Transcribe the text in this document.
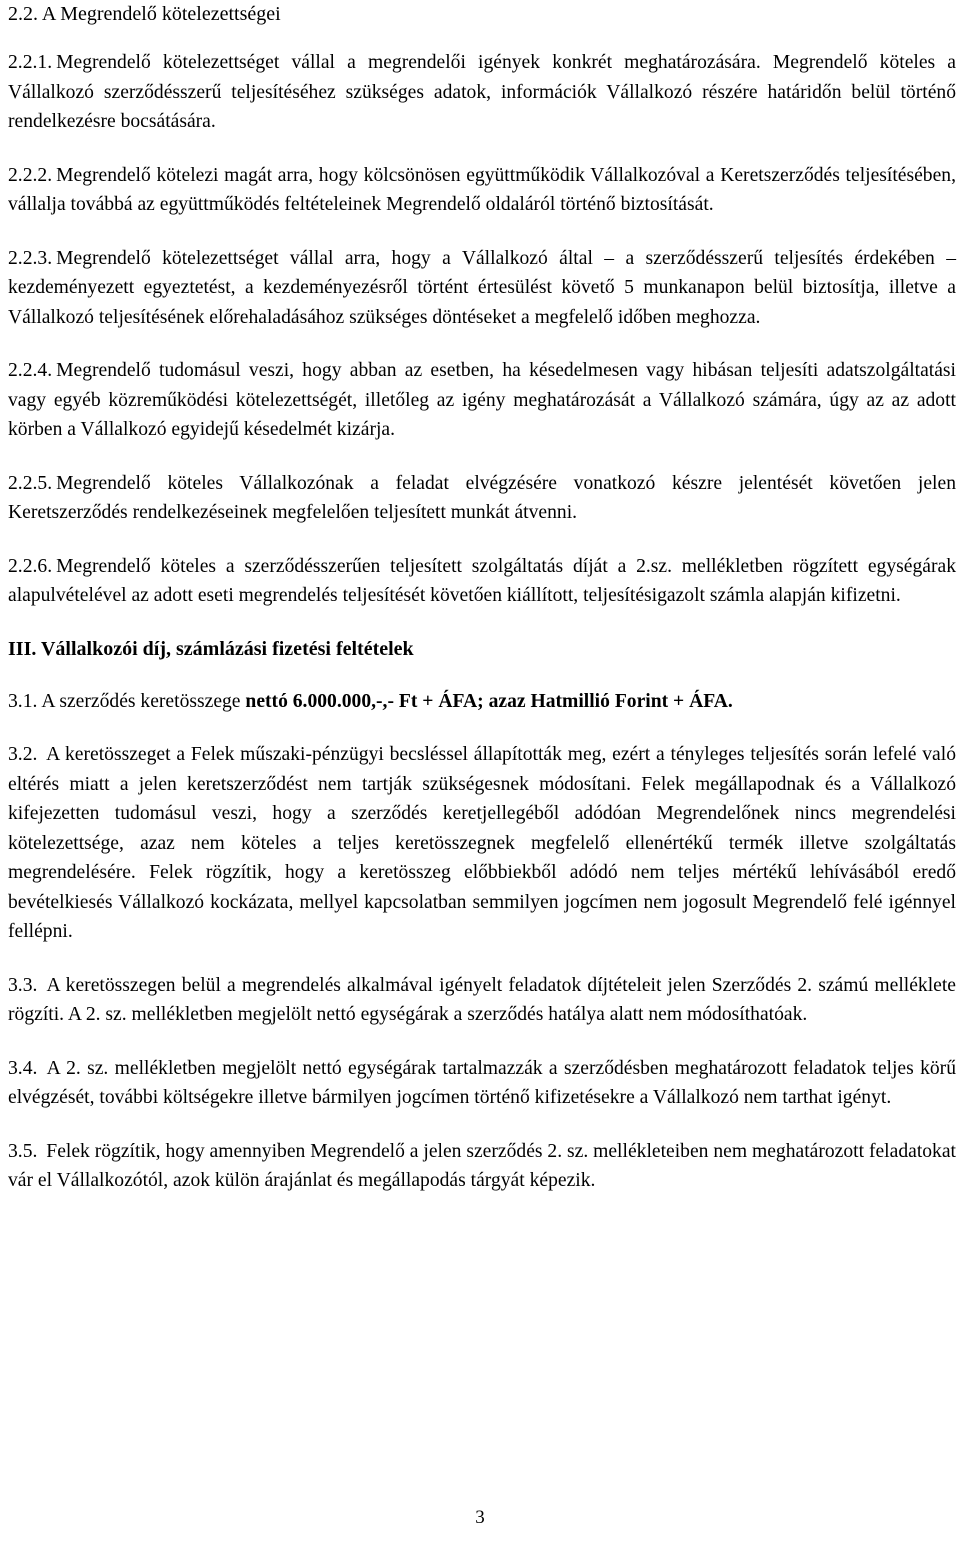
2.2. A Megrendelő kötelezettségei

2.2.1. Megrendelő kötelezettséget vállal a megrendelői igények konkrét meghatározására. Megrendelő köteles a Vállalkozó szerződésszerű teljesítéséhez szükséges adatok, információk Vállalkozó részére határidőn belül történő rendelkezésre bocsátására.

2.2.2. Megrendelő kötelezi magát arra, hogy kölcsönösen együttműködik Vállalkozóval a Keretszerződés teljesítésében, vállalja továbbá az együttműködés feltételeinek Megrendelő oldaláról történő biztosítását.

2.2.3. Megrendelő kötelezettséget vállal arra, hogy a Vállalkozó által – a szerződésszerű teljesítés érdekében – kezdeményezett egyeztetést, a kezdeményezésről történt értesülést követő 5 munkanapon belül biztosítja, illetve a Vállalkozó teljesítésének előrehaladásához szükséges döntéseket a megfelelő időben meghozza.

2.2.4. Megrendelő tudomásul veszi, hogy abban az esetben, ha késedelmesen vagy hibásan teljesíti adatszolgáltatási vagy egyéb közreműködési kötelezettségét, illetőleg az igény meghatározását a Vállalkozó számára, úgy az az adott körben a Vállalkozó egyidejű késedelmét kizárja.

2.2.5. Megrendelő köteles Vállalkozónak a feladat elvégzésére vonatkozó készre jelentését követően jelen Keretszerződés rendelkezéseinek megfelelően teljesített munkát átvenni.

2.2.6. Megrendelő köteles a szerződésszerűen teljesített szolgáltatás díját a 2.sz. mellékletben rögzített egységárak alapulvételével az adott eseti megrendelés teljesítését követően kiállított, teljesítésigazolt számla alapján kifizetni.

III. Vállalkozói díj, számlázási fizetési feltételek

3.1. A szerződés keretösszege nettó 6.000.000,-,- Ft + ÁFA; azaz Hatmillió Forint + ÁFA.

3.2. A keretösszeget a Felek műszaki-pénzügyi becsléssel állapították meg, ezért a tényleges teljesítés során lefelé való eltérés miatt a jelen keretszerződést nem tartják szükségesnek módosítani. Felek megállapodnak és a Vállalkozó kifejezetten tudomásul veszi, hogy a szerződés keretjellegéből adódóan Megrendelőnek nincs megrendelési kötelezettsége, azaz nem köteles a teljes keretösszegnek megfelelő ellenértékű termék illetve szolgáltatás megrendelésére. Felek rögzítik, hogy a keretösszeg előbbiekből adódó nem teljes mértékű lehívásából eredő bevételkiesés Vállalkozó kockázata, mellyel kapcsolatban semmilyen jogcímen nem jogosult Megrendelő felé igénnyel fellépni.

3.3. A keretösszegen belül a megrendelés alkalmával igényelt feladatok díjtételeit jelen Szerződés 2. számú melléklete rögzíti. A 2. sz. mellékletben megjelölt nettó egységárak a szerződés hatálya alatt nem módosíthatóak.

3.4. A 2. sz. mellékletben megjelölt nettó egységárak tartalmazzák a szerződésben meghatározott feladatok teljes körű elvégzését, további költségekre illetve bármilyen jogcímen történő kifizetésekre a Vállalkozó nem tarthat igényt.

3.5. Felek rögzítik, hogy amennyiben Megrendelő a jelen szerződés 2. sz. mellékleteiben nem meghatározott feladatokat vár el Vállalkozótól, azok külön árajánlat és megállapodás tárgyát képezik.

3
